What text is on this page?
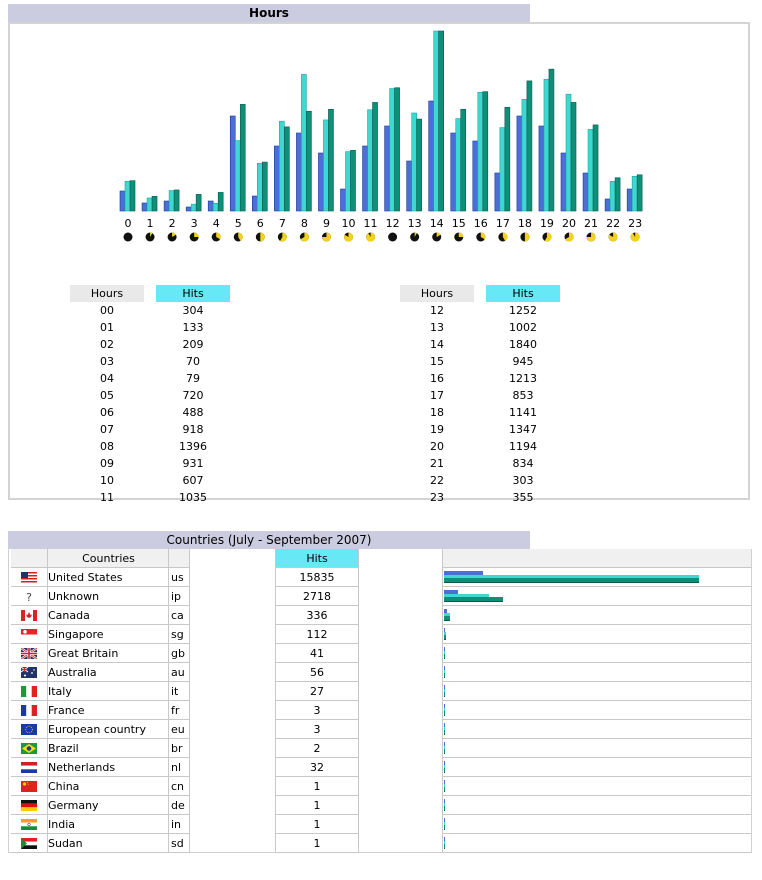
Hours
0 1 2 3 4 5 6 7 8 9 10 11 12 13 14 15 16 17 18 19 20 21 22 23
Hours		Hits
00		304
01		133
02		209
03		70
04		79
05		720
06		488
07		918
08		1396
09		931
10		607
11		1035
Hours		Hits
12		1252
13		1002
14		1840
15		945
16		1213
17		853
18		1141
19		1347
20		1194
21		834
22		303
23		355
Countries (July - September 2007)
Countries	Hits
United States	us	15835
? Unknown	ip	2718
Canada	ca	336
Singapore	sg	112
Great Britain	gb	41
Australia	au	56
Italy	it	27
France	fr	3
European country	eu	3
Brazil	br	2
Netherlands	nl	32
China	cn	1
Germany	de	1
India	in	1
Sudan	sd	1
